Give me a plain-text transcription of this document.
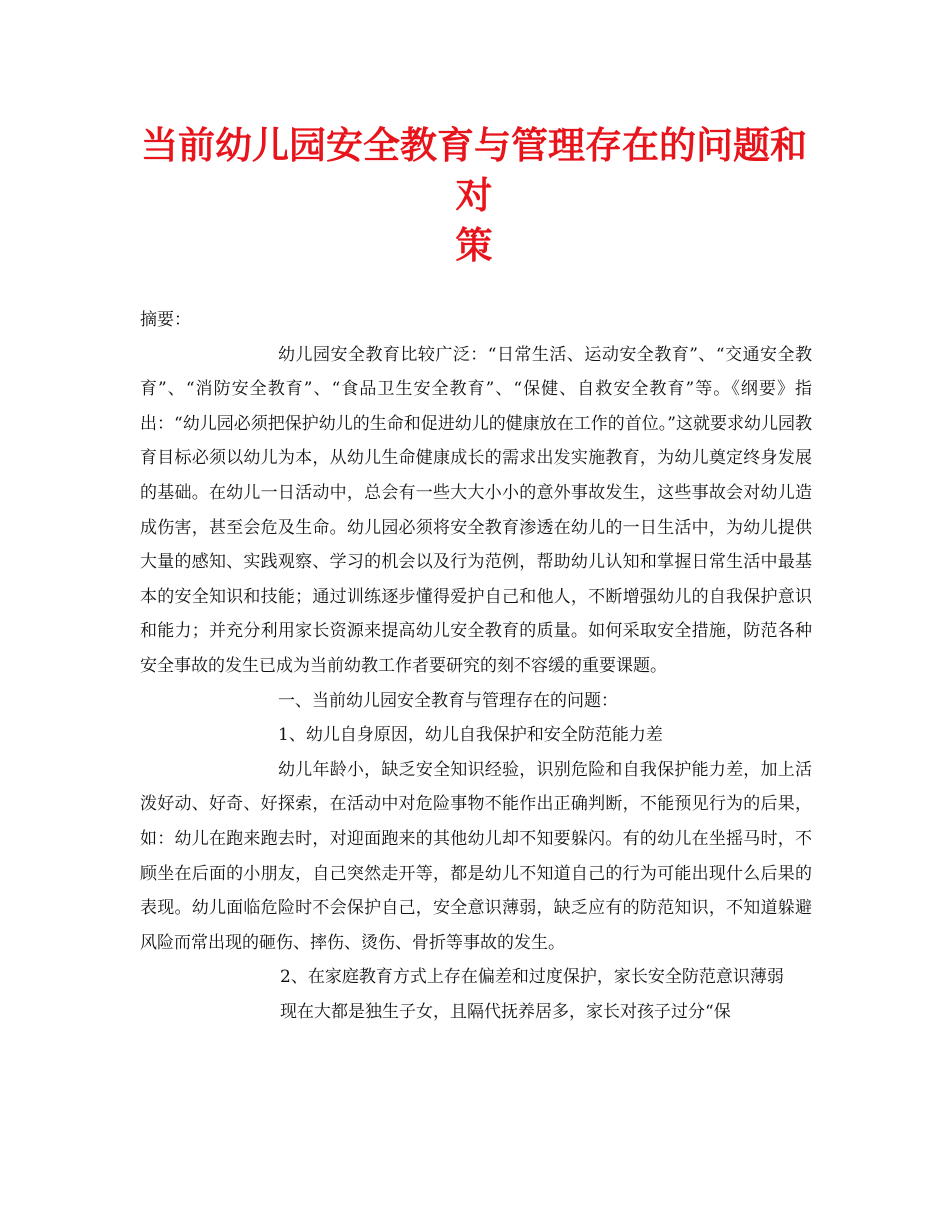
当前幼儿园安全教育与管理存在的问题和对
策

摘要：

幼儿园安全教育比较广泛：“日常生活、运动安全教育”、“交通安全教育”、“消防安全教育”、“食品卫生安全教育”、“保健、自救安全教育”等。《纲要》指出：“幼儿园必须把保护幼儿的生命和促进幼儿的健康放在工作的首位。”这就要求幼儿园教育目标必须以幼儿为本，从幼儿生命健康成长的需求出发实施教育，为幼儿奠定终身发展的基础。在幼儿一日活动中，总会有一些大大小小的意外事故发生，这些事故会对幼儿造成伤害，甚至会危及生命。幼儿园必须将安全教育渗透在幼儿的一日生活中，为幼儿提供大量的感知、实践观察、学习的机会以及行为范例，帮助幼儿认知和掌握日常生活中最基本的安全知识和技能；通过训练逐步懂得爱护自己和他人，不断增强幼儿的自我保护意识和能力；并充分利用家长资源来提高幼儿安全教育的质量。如何采取安全措施，防范各种安全事故的发生已成为当前幼教工作者要研究的刻不容缓的重要课题。

一、当前幼儿园安全教育与管理存在的问题：

1、幼儿自身原因，幼儿自我保护和安全防范能力差

幼儿年龄小，缺乏安全知识经验，识别危险和自我保护能力差，加上活泼好动、好奇、好探索，在活动中对危险事物不能作出正确判断，不能预见行为的后果，如：幼儿在跑来跑去时，对迎面跑来的其他幼儿却不知要躲闪。有的幼儿在坐摇马时，不顾坐在后面的小朋友，自己突然走开等，都是幼儿不知道自己的行为可能出现什么后果的表现。幼儿面临危险时不会保护自己，安全意识薄弱，缺乏应有的防范知识，不知道躲避风险而常出现的砸伤、摔伤、烫伤、骨折等事故的发生。

2、在家庭教育方式上存在偏差和过度保护，家长安全防范意识薄弱

现在大都是独生子女，且隔代抚养居多，家长对孩子过分“保
